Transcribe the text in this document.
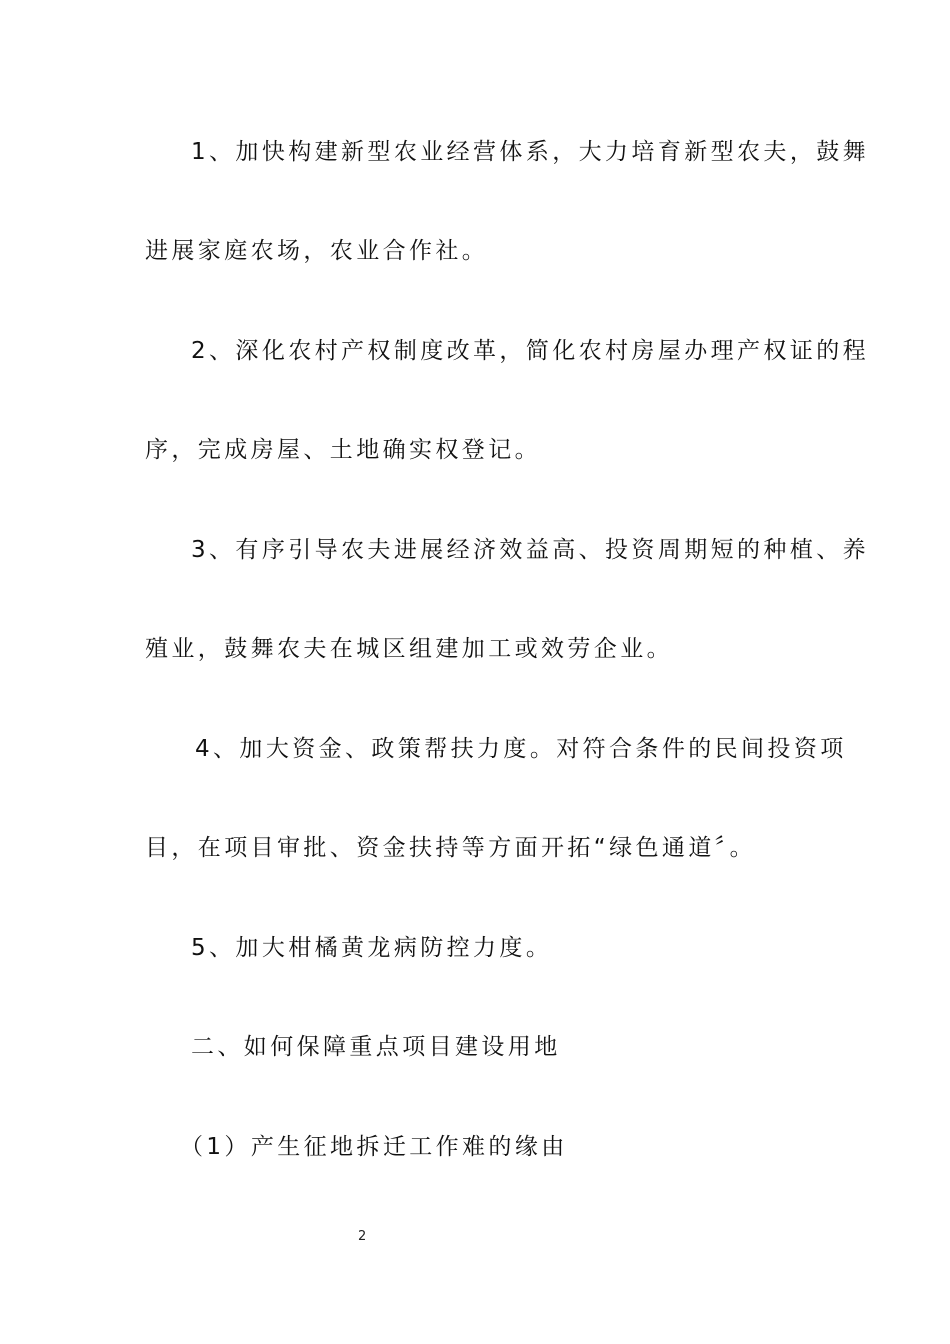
1、加快构建新型农业经营体系，大力培育新型农夫，鼓舞
进展家庭农场，农业合作社。
2、深化农村产权制度改革，简化农村房屋办理产权证的程
序，完成房屋、土地确实权登记。
3、有序引导农夫进展经济效益高、投资周期短的种植、养
殖业，鼓舞农夫在城区组建加工或效劳企业。
4、加大资金、政策帮扶力度。对符合条件的民间投资项
目，在项目审批、资金扶持等方面开拓“绿色通道〞。
5、加大柑橘黄龙病防控力度。
二、如何保障重点项目建设用地
（1）产生征地拆迁工作难的缘由
2
